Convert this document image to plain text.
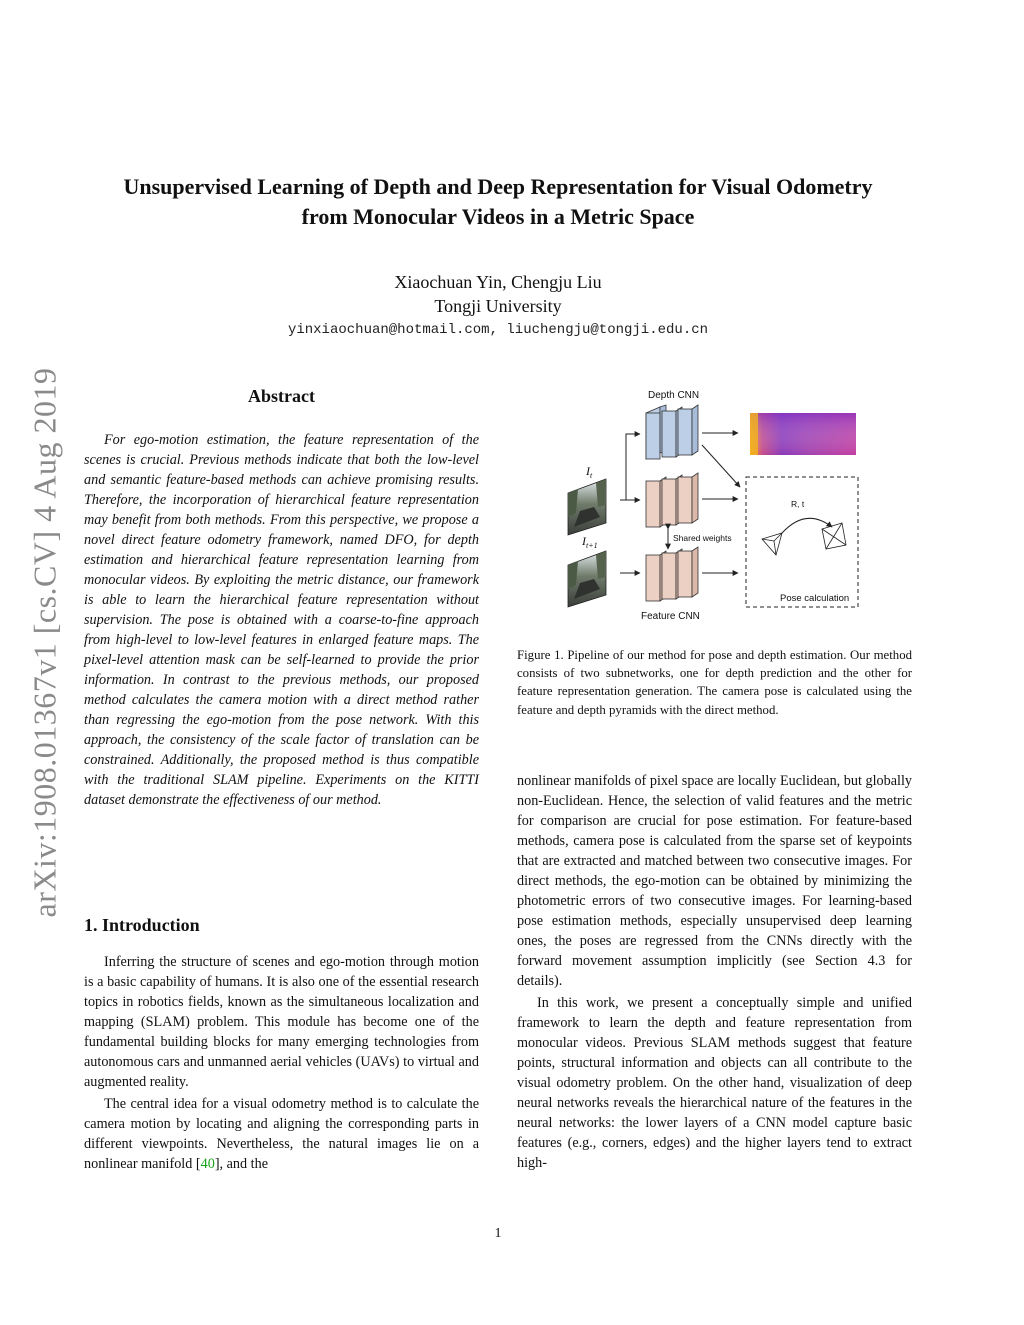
arXiv:1908.01367v1 [cs.CV] 4 Aug 2019
Unsupervised Learning of Depth and Deep Representation for Visual Odometry
from Monocular Videos in a Metric Space
Xiaochuan Yin, Chengju Liu
Tongji University
yinxiaochuan@hotmail.com, liuchengju@tongji.edu.cn
Abstract

For ego-motion estimation, the feature representation of the scenes is crucial. Previous methods indicate that both the low-level and semantic feature-based methods can achieve promising results. Therefore, the incorporation of hierarchical feature representation may benefit from both methods. From this perspective, we propose a novel direct feature odometry framework, named DFO, for depth estimation and hierarchical feature representation learning from monocular videos. By exploiting the metric distance, our framework is able to learn the hierarchical feature representation without supervision. The pose is obtained with a coarse-to-fine approach from high-level to low-level features in enlarged feature maps. The pixel-level attention mask can be self-learned to provide the prior information. In contrast to the previous methods, our proposed method calculates the camera motion with a direct method rather than regressing the ego-motion from the pose network. With this approach, the consistency of the scale factor of translation can be constrained. Additionally, the proposed method is thus compatible with the traditional SLAM pipeline. Experiments on the KITTI dataset demonstrate the effectiveness of our method.

1. Introduction

Inferring the structure of scenes and ego-motion through motion is a basic capability of humans. It is also one of the essential research topics in robotics fields, known as the simultaneous localization and mapping (SLAM) problem. This module has become one of the fundamental building blocks for many emerging technologies from autonomous cars and unmanned aerial vehicles (UAVs) to virtual and augmented reality.

The central idea for a visual odometry method is to calculate the camera motion by locating and aligning the corresponding parts in different viewpoints. Nevertheless, the natural images lie on a nonlinear manifold [40], and the

Depth CNN
Feature CNN
$I_t$
$I_{t+1}$
Shared weights
R, t
Pose calculation

Figure 1. Pipeline of our method for pose and depth estimation. Our method consists of two subnetworks, one for depth prediction and the other for feature representation generation. The camera pose is calculated using the feature and depth pyramids with the direct method.

nonlinear manifolds of pixel space are locally Euclidean, but globally non-Euclidean. Hence, the selection of valid features and the metric for comparison are crucial for pose estimation. For feature-based methods, camera pose is calculated from the sparse set of keypoints that are extracted and matched between two consecutive images. For direct methods, the ego-motion can be obtained by minimizing the photometric errors of two consecutive images. For learning-based pose estimation methods, especially unsupervised deep learning ones, the poses are regressed from the CNNs directly with the forward movement assumption implicitly (see Section 4.3 for details).

In this work, we present a conceptually simple and unified framework to learn the depth and feature representation from monocular videos. Previous SLAM methods suggest that feature points, structural information and objects can all contribute to the visual odometry problem. On the other hand, visualization of deep neural networks reveals the hierarchical nature of the features in the neural networks: the lower layers of a CNN model capture basic features (e.g., corners, edges) and the higher layers tend to extract high-

1
